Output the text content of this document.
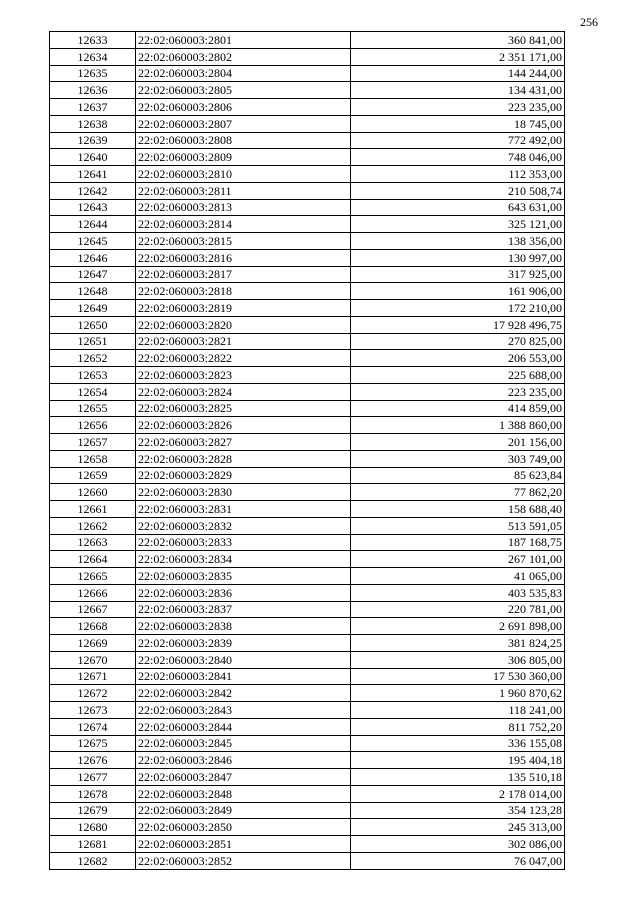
256
12633	22:02:060003:2801	360 841,00
12634	22:02:060003:2802	2 351 171,00
12635	22:02:060003:2804	144 244,00
12636	22:02:060003:2805	134 431,00
12637	22:02:060003:2806	223 235,00
12638	22:02:060003:2807	18 745,00
12639	22:02:060003:2808	772 492,00
12640	22:02:060003:2809	748 046,00
12641	22:02:060003:2810	112 353,00
12642	22:02:060003:2811	210 508,74
12643	22:02:060003:2813	643 631,00
12644	22:02:060003:2814	325 121,00
12645	22:02:060003:2815	138 356,00
12646	22:02:060003:2816	130 997,00
12647	22:02:060003:2817	317 925,00
12648	22:02:060003:2818	161 906,00
12649	22:02:060003:2819	172 210,00
12650	22:02:060003:2820	17 928 496,75
12651	22:02:060003:2821	270 825,00
12652	22:02:060003:2822	206 553,00
12653	22:02:060003:2823	225 688,00
12654	22:02:060003:2824	223 235,00
12655	22:02:060003:2825	414 859,00
12656	22:02:060003:2826	1 388 860,00
12657	22:02:060003:2827	201 156,00
12658	22:02:060003:2828	303 749,00
12659	22:02:060003:2829	85 623,84
12660	22:02:060003:2830	77 862,20
12661	22:02:060003:2831	158 688,40
12662	22:02:060003:2832	513 591,05
12663	22:02:060003:2833	187 168,75
12664	22:02:060003:2834	267 101,00
12665	22:02:060003:2835	41 065,00
12666	22:02:060003:2836	403 535,83
12667	22:02:060003:2837	220 781,00
12668	22:02:060003:2838	2 691 898,00
12669	22:02:060003:2839	381 824,25
12670	22:02:060003:2840	306 805,00
12671	22:02:060003:2841	17 530 360,00
12672	22:02:060003:2842	1 960 870,62
12673	22:02:060003:2843	118 241,00
12674	22:02:060003:2844	811 752,20
12675	22:02:060003:2845	336 155,08
12676	22:02:060003:2846	195 404,18
12677	22:02:060003:2847	135 510,18
12678	22:02:060003:2848	2 178 014,00
12679	22:02:060003:2849	354 123,28
12680	22:02:060003:2850	245 313,00
12681	22:02:060003:2851	302 086,00
12682	22:02:060003:2852	76 047,00
